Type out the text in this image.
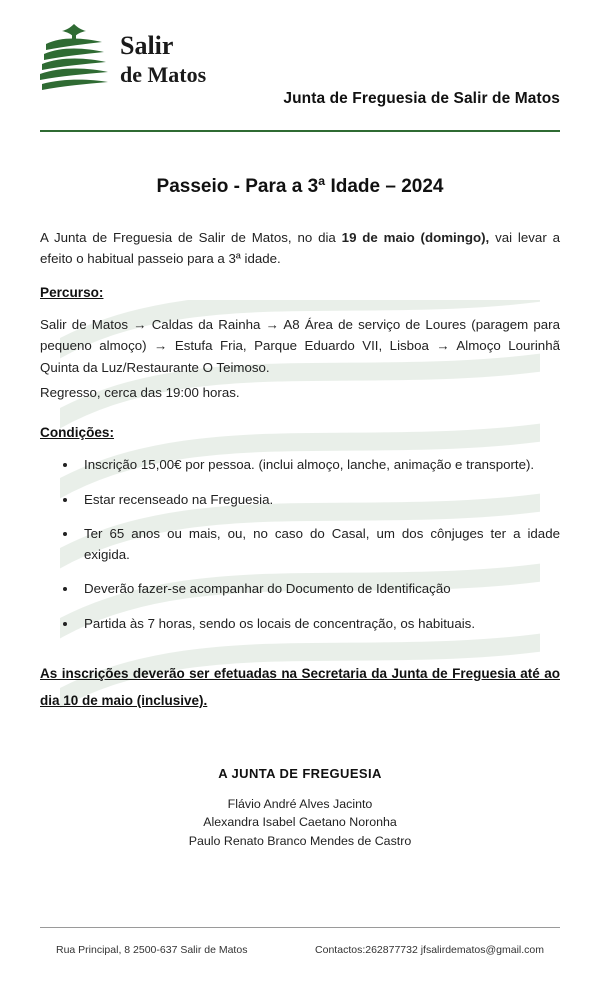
Salir
de Matos
Junta de Freguesia de Salir de Matos
Passeio - Para a 3ª Idade – 2024

A Junta de Freguesia de Salir de Matos, no dia 19 de maio (domingo), vai levar a efeito o habitual passeio para a 3ª idade.

Percurso:

Salir de Matos → Caldas da Rainha → A8 Área de serviço de Loures (paragem para pequeno almoço) → Estufa Fria, Parque Eduardo VII, Lisboa → Almoço Lourinhã Quinta da Luz/Restaurante O Teimoso.

Regresso, cerca das 19:00 horas.

Condições:
• Inscrição 15,00€ por pessoa. (inclui almoço, lanche, animação e transporte).
• Estar recenseado na Freguesia.
• Ter 65 anos ou mais, ou, no caso do Casal, um dos cônjuges ter a idade exigida.
• Deverão fazer-se acompanhar do Documento de Identificação
• Partida às 7 horas, sendo os locais de concentração, os habituais.

As inscrições deverão ser efetuadas na Secretaria da Junta de Freguesia até ao dia 10 de maio (inclusive).

A JUNTA DE FREGUESIA
Flávio André Alves Jacinto
Alexandra Isabel Caetano Noronha
Paulo Renato Branco Mendes de Castro
Rua Principal, 8 2500-637 Salir de Matos	Contactos:262877732 jfsalirdematos@gmail.com
